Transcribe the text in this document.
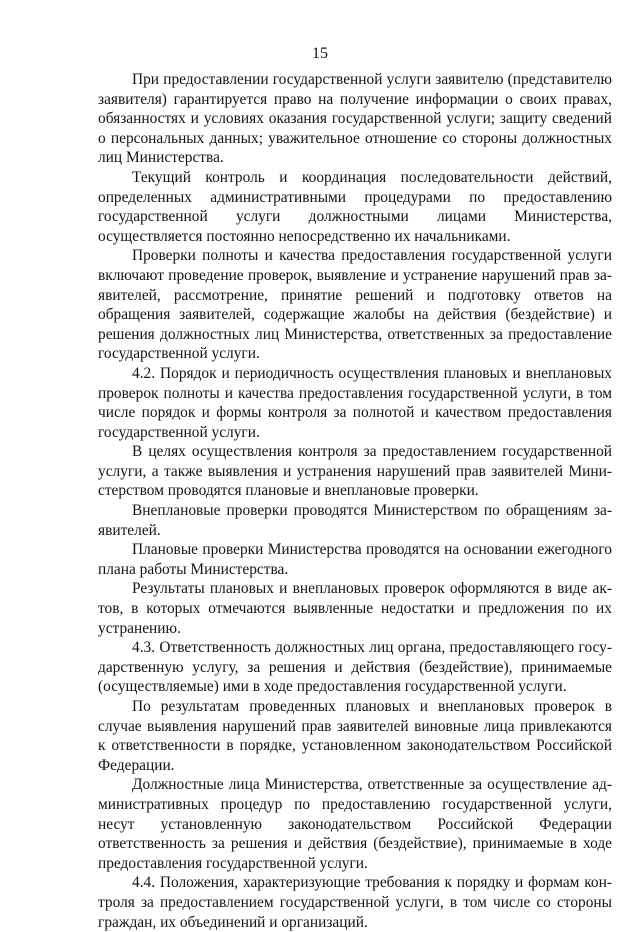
15

При предоставлении государственной услуги заявителю (представителю заявителя) гарантируется право на получение информации о своих правах, обязанностях и условиях оказания государственной услуги; защиту сведений о персональных данных; уважительное отношение со стороны должностных лиц Министерства.

Текущий контроль и координация последовательности действий, определенных административными процедурами по предоставлению государственной услуги должностными лицами Министерства, осуществляется постоянно непосредственно их начальниками.

Проверки полноты и качества предоставления государственной услуги включают проведение проверок, выявление и устранение нарушений прав заявителей, рассмотрение, принятие решений и подготовку ответов на обращения заявителей, содержащие жалобы на действия (бездействие) и решения должностных лиц Министерства, ответственных за предоставление государственной услуги.

4.2. Порядок и периодичность осуществления плановых и внеплановых проверок полноты и качества предоставления государственной услуги, в том числе порядок и формы контроля за полнотой и качеством предоставления государственной услуги.

В целях осуществления контроля за предоставлением государственной услуги, а также выявления и устранения нарушений прав заявителей Министерством проводятся плановые и внеплановые проверки.

Внеплановые проверки проводятся Министерством по обращениям заявителей.

Плановые проверки Министерства проводятся на основании ежегодного плана работы Министерства.

Результаты плановых и внеплановых проверок оформляются в виде актов, в которых отмечаются выявленные недостатки и предложения по их устранению.

4.3. Ответственность должностных лиц органа, предоставляющего государственную услугу, за решения и действия (бездействие), принимаемые (осуществляемые) ими в ходе предоставления государственной услуги.

По результатам проведенных плановых и внеплановых проверок в случае выявления нарушений прав заявителей виновные лица привлекаются к ответственности в порядке, установленном законодательством Российской Федерации.

Должностные лица Министерства, ответственные за осуществление административных процедур по предоставлению государственной услуги, несут установленную законодательством Российской Федерации ответственность за решения и действия (бездействие), принимаемые в ходе предоставления государственной услуги.

4.4. Положения, характеризующие требования к порядку и формам контроля за предоставлением государственной услуги, в том числе со стороны граждан, их объединений и организаций.
